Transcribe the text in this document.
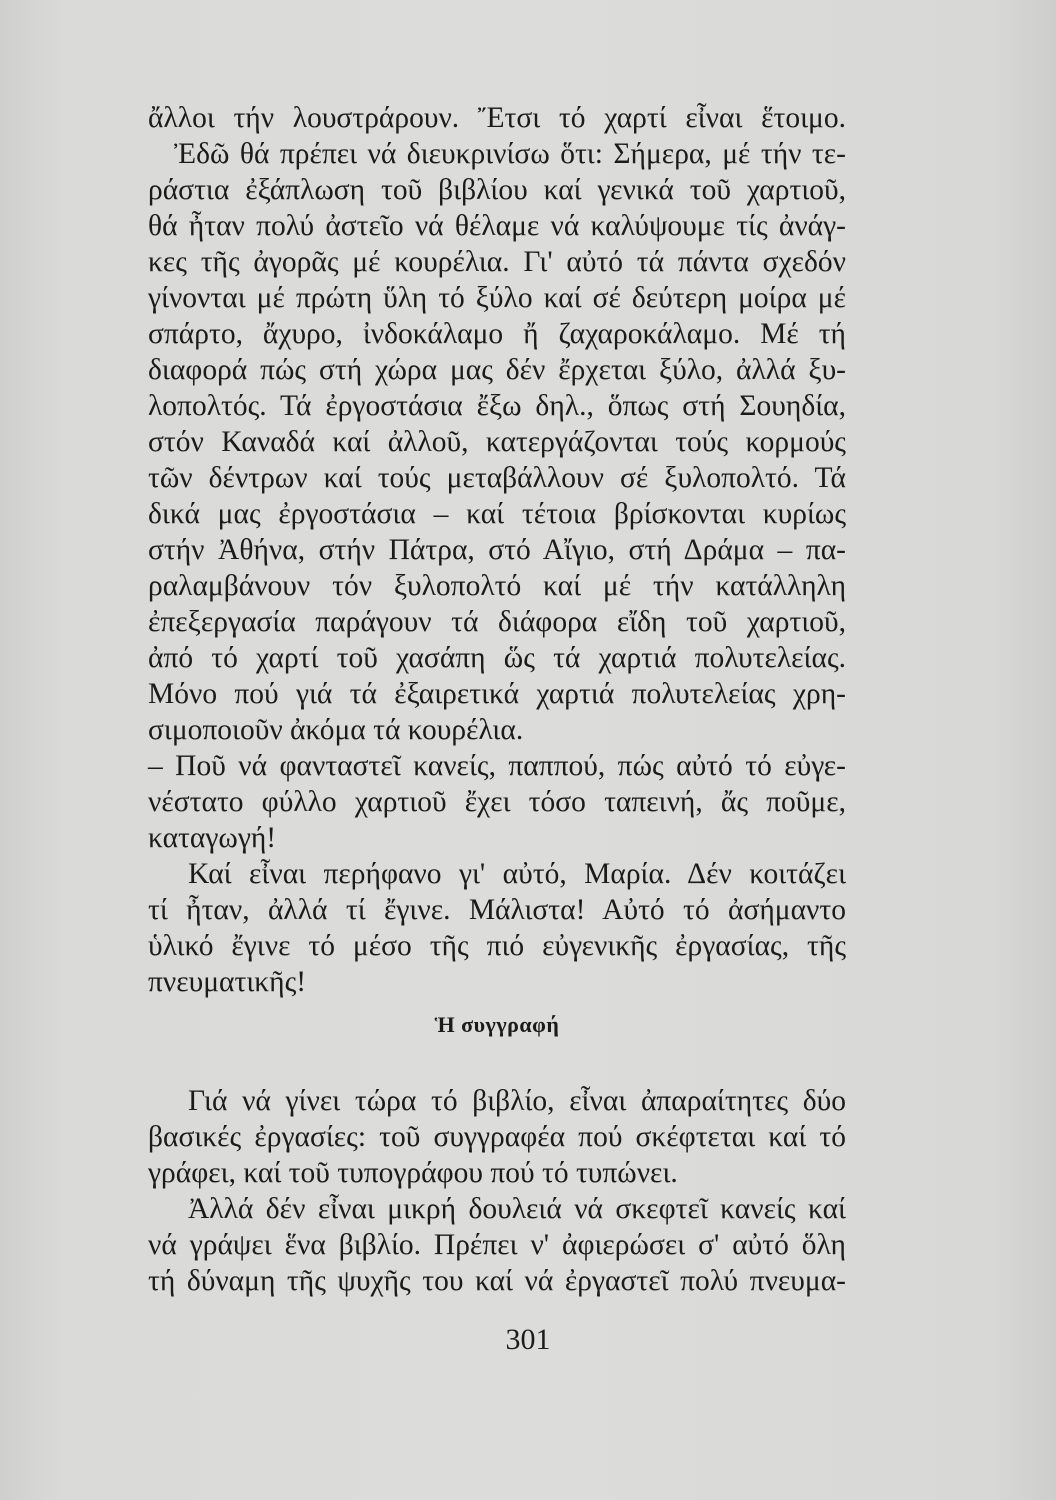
ἄλλοι τήν λουστράρουν. Ἔτσι τό χαρτί εἶναι ἕτοιμο.
Ἐδῶ θά πρέπει νά διευκρινίσω ὅτι: Σήμερα, μέ τήν τε-
ράστια ἐξάπλωση τοῦ βιβλίου καί γενικά τοῦ χαρτιοῦ,
θά ἦταν πολύ ἀστεῖο νά θέλαμε νά καλύψουμε τίς ἀνάγ-
κες τῆς ἀγορᾶς μέ κουρέλια. Γι' αὐτό τά πάντα σχεδόν
γίνονται μέ πρώτη ὕλη τό ξύλο καί σέ δεύτερη μοίρα μέ
σπάρτο, ἄχυρο, ἰνδοκάλαμο ἤ ζαχαροκάλαμο. Μέ τή
διαφορά πώς στή χώρα μας δέν ἔρχεται ξύλο, ἀλλά ξυ-
λοπολτός. Τά ἐργοστάσια ἔξω δηλ., ὅπως στή Σουηδία,
στόν Καναδά καί ἀλλοῦ, κατεργάζονται τούς κορμούς
τῶν δέντρων καί τούς μεταβάλλουν σέ ξυλοπολτό. Τά
δικά μας ἐργοστάσια – καί τέτοια βρίσκονται κυρίως
στήν Ἀθήνα, στήν Πάτρα, στό Αἴγιο, στή Δράμα – πα-
ραλαμβάνουν τόν ξυλοπολτό καί μέ τήν κατάλληλη
ἐπεξεργασία παράγουν τά διάφορα εἴδη τοῦ χαρτιοῦ,
ἀπό τό χαρτί τοῦ χασάπη ὥς τά χαρτιά πολυτελείας.
Μόνο πού γιά τά ἐξαιρετικά χαρτιά πολυτελείας χρη-
σιμοποιοῦν ἀκόμα τά κουρέλια.
– Ποῦ νά φανταστεῖ κανείς, παππού, πώς αὐτό τό εὐγε-
νέστατο φύλλο χαρτιοῦ ἔχει τόσο ταπεινή, ἄς ποῦμε,
καταγωγή!
Καί εἶναι περήφανο γι' αὐτό, Μαρία. Δέν κοιτάζει
τί ἦταν, ἀλλά τί ἔγινε. Μάλιστα! Αὐτό τό ἀσήμαντο
ὑλικό ἔγινε τό μέσο τῆς πιό εὐγενικῆς ἐργασίας, τῆς
πνευματικῆς!
Ἡ συγγραφή
Γιά νά γίνει τώρα τό βιβλίο, εἶναι ἀπαραίτητες δύο
βασικές ἐργασίες: τοῦ συγγραφέα πού σκέφτεται καί τό
γράφει, καί τοῦ τυπογράφου πού τό τυπώνει.
Ἀλλά δέν εἶναι μικρή δουλειά νά σκεφτεῖ κανείς καί
νά γράψει ἕνα βιβλίο. Πρέπει ν' ἀφιερώσει σ' αὐτό ὅλη
τή δύναμη τῆς ψυχῆς του καί νά ἐργαστεῖ πολύ πνευμα-
301
